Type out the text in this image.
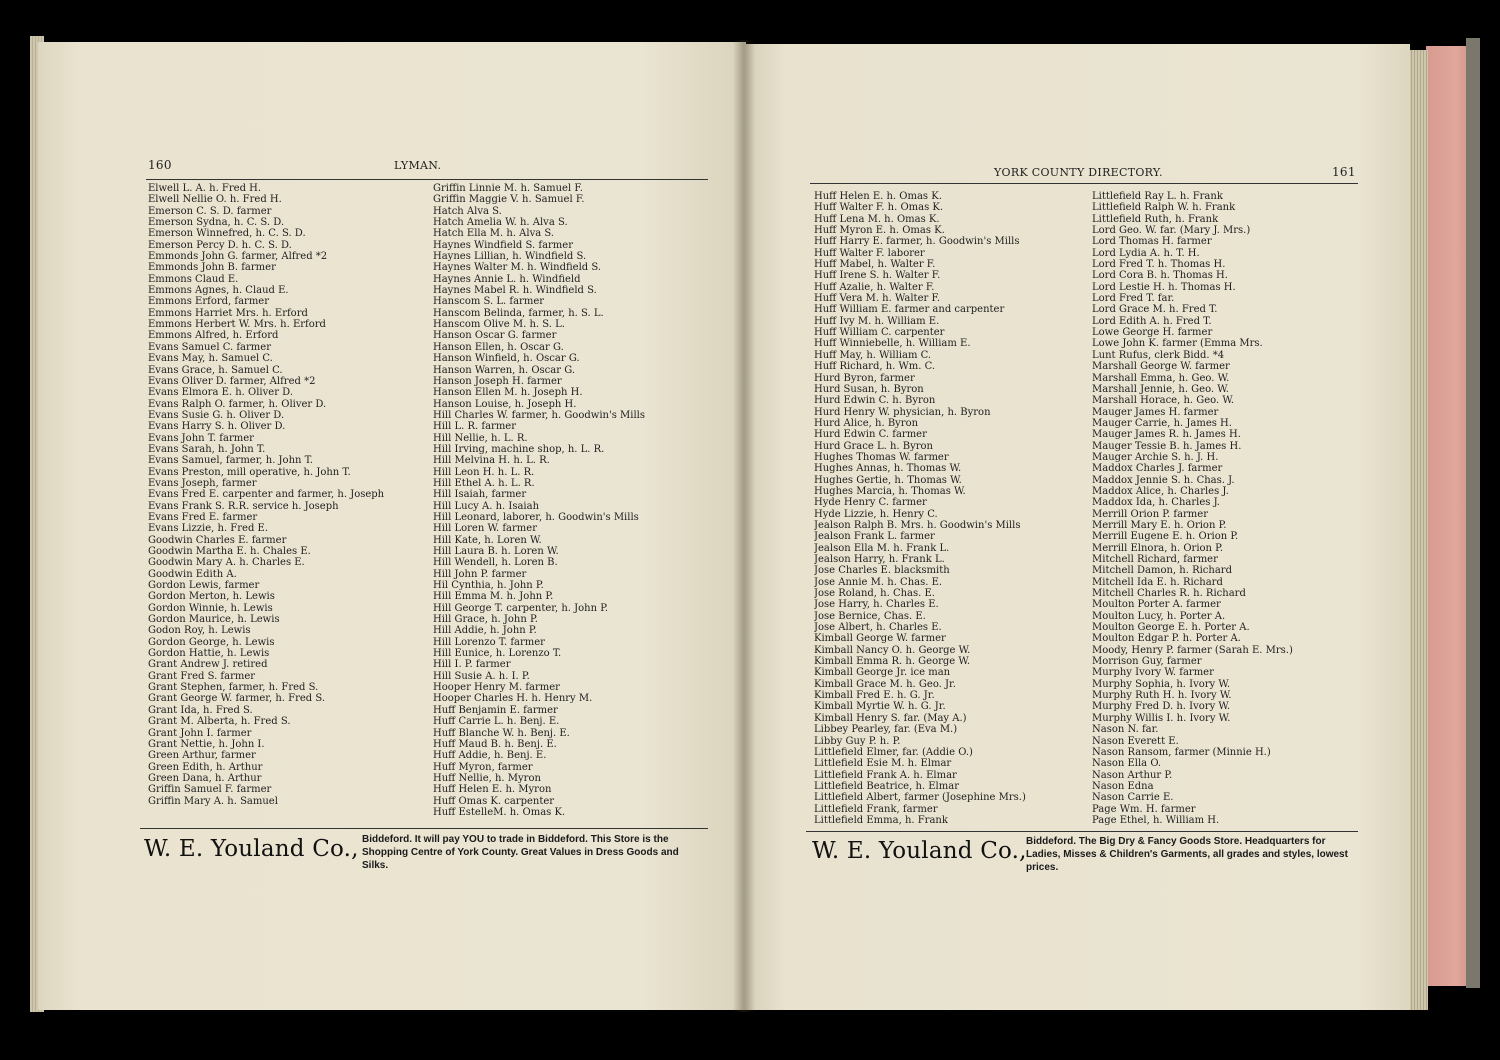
160	LYMAN.
Elwell L. A. h. Fred H.
Elwell Nellie O. h. Fred H.
Emerson C. S. D. farmer
Emerson Sydna, h. C. S. D.
Emerson Winnefred, h. C. S. D.
Emerson Percy D. h. C. S. D.
Emmonds John G. farmer, Alfred *2
Emmonds John B. farmer
Emmons Claud E.
Emmons Agnes, h. Claud E.
Emmons Erford, farmer
Emmons Harriet Mrs. h. Erford
Emmons Herbert W. Mrs. h. Erford
Emmons Alfred, h. Erford
Evans Samuel C. farmer
Evans May, h. Samuel C.
Evans Grace, h. Samuel C.
Evans Oliver D. farmer, Alfred *2
Evans Elmora E. h. Oliver D.
Evans Ralph O. farmer, h. Oliver D.
Evans Susie G. h. Oliver D.
Evans Harry S. h. Oliver D.
Evans John T. farmer
Evans Sarah, h. John T.
Evans Samuel, farmer, h. John T.
Evans Preston, mill operative, h. John T.
Evans Joseph, farmer
Evans Fred E. carpenter and farmer, h. Joseph
Evans Frank S. R.R. service h. Joseph
Evans Fred E. farmer
Evans Lizzie, h. Fred E.
Goodwin Charles E. farmer
Goodwin Martha E. h. Chales E.
Goodwin Mary A. h. Charles E.
Goodwin Edith A.
Gordon Lewis, farmer
Gordon Merton, h. Lewis
Gordon Winnie, h. Lewis
Gordon Maurice, h. Lewis
Godon Roy, h. Lewis
Gordon George, h. Lewis
Gordon Hattie, h. Lewis
Grant Andrew J. retired
Grant Fred S. farmer
Grant Stephen, farmer, h. Fred S.
Grant George W. farmer, h. Fred S.
Grant Ida, h. Fred S.
Grant M. Alberta, h. Fred S.
Grant John I. farmer
Grant Nettie, h. John I.
Green Arthur, farmer
Green Edith, h. Arthur
Green Dana, h. Arthur
Griffin Samuel F. farmer
Griffin Mary A. h. Samuel
Griffin Linnie M. h. Samuel F.
Griffin Maggie V. h. Samuel F.
Hatch Alva S.
Hatch Amelia W. h. Alva S.
Hatch Ella M. h. Alva S.
Haynes Windfield S. farmer
Haynes Lillian, h. Windfield S.
Haynes Walter M. h. Windfield S.
Haynes Annie L. h. Windfield
Haynes Mabel R. h. Windfield S.
Hanscom S. L. farmer
Hanscom Belinda, farmer, h. S. L.
Hanscom Olive M. h. S. L.
Hanson Oscar G. farmer
Hanson Ellen, h. Oscar G.
Hanson Winfield, h. Oscar G.
Hanson Warren, h. Oscar G.
Hanson Joseph H. farmer
Hanson Ellen M. h. Joseph H.
Hanson Louise, h. Joseph H.
Hill Charles W. farmer, h. Goodwin's Mills
Hill L. R. farmer
Hill Nellie, h. L. R.
Hill Irving, machine shop, h. L. R.
Hill Melvina H. h. L. R.
Hill Leon H. h. L. R.
Hill Ethel A. h. L. R.
Hill Isaiah, farmer
Hill Lucy A. h. Isaiah
Hill Leonard, laborer, h. Goodwin's Mills
Hill Loren W. farmer
Hill Kate, h. Loren W.
Hill Laura B. h. Loren W.
Hill Wendell, h. Loren B.
Hill John P. farmer
Hil Cynthia, h. John P.
Hill Emma M. h. John P.
Hill George T. carpenter, h. John P.
Hill Grace, h. John P.
Hill Addie, h. John P.
Hill Lorenzo T. farmer
Hill Eunice, h. Lorenzo T.
Hill I. P. farmer
Hill Susie A. h. I. P.
Hooper Henry M. farmer
Hooper Charles H. h. Henry M.
Huff Benjamin E. farmer
Huff Carrie L. h. Benj. E.
Huff Blanche W. h. Benj. E.
Huff Maud B. h. Benj. E.
Huff Addie, h. Benj. E.
Huff Myron, farmer
Huff Nellie, h. Myron
Huff Helen E. h. Myron
Huff Omas K. carpenter
Huff EstelleM. h. Omas K.
W. E. Youland Co., Biddeford. It will pay YOU to trade in Biddeford. This Store is the Shopping Centre of York County. Great Values in Dress Goods and Silks.
YORK COUNTY DIRECTORY.	161
Huff Helen E. h. Omas K.
Huff Walter F. h. Omas K.
Huff Lena M. h. Omas K.
Huff Myron E. h. Omas K.
Huff Harry E. farmer, h. Goodwin's Mills
Huff Walter F. laborer
Huff Mabel, h. Walter F.
Huff Irene S. h. Walter F.
Huff Azalie, h. Walter F.
Huff Vera M. h. Walter F.
Huff William E. farmer and carpenter
Huff Ivy M. h. William E.
Huff William C. carpenter
Huff Winniebelle, h. William E.
Huff May, h. William C.
Huff Richard, h. Wm. C.
Hurd Byron, farmer
Hurd Susan, h. Byron
Hurd Edwin C. h. Byron
Hurd Henry W. physician, h. Byron
Hurd Alice, h. Byron
Hurd Edwin C. farmer
Hurd Grace L. h. Byron
Hughes Thomas W. farmer
Hughes Annas, h. Thomas W.
Hughes Gertie, h. Thomas W.
Hughes Marcia, h. Thomas W.
Hyde Henry C. farmer
Hyde Lizzie, h. Henry C.
Jealson Ralph B. Mrs. h. Goodwin's Mills
Jealson Frank L. farmer
Jealson Ella M. h. Frank L.
Jealson Harry, h. Frank L.
Jose Charles E. blacksmith
Jose Annie M. h. Chas. E.
Jose Roland, h. Chas. E.
Jose Harry, h. Charles E.
Jose Bernice, Chas. E.
Jose Albert, h. Charles E.
Kimball George W. farmer
Kimball Nancy O. h. George W.
Kimball Emma R. h. George W.
Kimball George Jr. ice man
Kimball Grace M. h. Geo. Jr.
Kimball Fred E. h. G. Jr.
Kimball Myrtie W. h. G. Jr.
Kimball Henry S. far. (May A.)
Libbey Pearley, far. (Eva M.)
Libby Guy P. h. P.
Littlefield Elmer, far. (Addie O.)
Littlefield Esie M. h. Elmar
Littlefield Frank A. h. Elmar
Littlefield Beatrice, h. Elmar
Littlefield Albert, farmer (Josephine Mrs.)
Littlefield Frank, farmer
Littlefield Emma, h. Frank
Littlefield Ray L. h. Frank
Littlefield Ralph W. h. Frank
Littlefield Ruth, h. Frank
Lord Geo. W. far. (Mary J. Mrs.)
Lord Thomas H. farmer
Lord Lydia A. h. T. H.
Lord Fred T. h. Thomas H.
Lord Cora B. h. Thomas H.
Lord Lestie H. h. Thomas H.
Lord Fred T. far.
Lord Grace M. h. Fred T.
Lord Edith A. h. Fred T.
Lowe George H. farmer
Lowe John K. farmer (Emma Mrs.
Lunt Rufus, clerk Bidd. *4
Marshall George W. farmer
Marshall Emma, h. Geo. W.
Marshall Jennie, h. Geo. W.
Marshall Horace, h. Geo. W.
Mauger James H. farmer
Mauger Carrie, h. James H.
Mauger James R. h. James H.
Mauger Tessie B. h. James H.
Mauger Archie S. h. J. H.
Maddox Charles J. farmer
Maddox Jennie S. h. Chas. J.
Maddox Alice, h. Charles J.
Maddox Ida, h. Charles J.
Merrill Orion P. farmer
Merrill Mary E. h. Orion P.
Merrill Eugene E. h. Orion P.
Merrill Elnora, h. Orion P.
Mitchell Richard, farmer
Mitchell Damon, h. Richard
Mitchell Ida E. h. Richard
Mitchell Charles R. h. Richard
Moulton Porter A. farmer
Moulton Lucy, h. Porter A.
Moulton George E. h. Porter A.
Moulton Edgar P. h. Porter A.
Moody, Henry P. farmer (Sarah E. Mrs.)
Morrison Guy, farmer
Murphy Ivory W. farmer
Murphy Sophia, h. Ivory W.
Murphy Ruth H. h. Ivory W.
Murphy Fred D. h. Ivory W.
Murphy Willis I. h. Ivory W.
Nason N. far.
Nason Everett E.
Nason Ransom, farmer (Minnie H.)
Nason Ella O.
Nason Arthur P.
Nason Edna
Nason Carrie E.
Page Wm. H. farmer
Page Ethel, h. William H.
W. E. Youland Co., Biddeford. The Big Dry & Fancy Goods Store. Headquarters for Ladies, Misses & Children's Garments, all grades and styles, lowest prices.
